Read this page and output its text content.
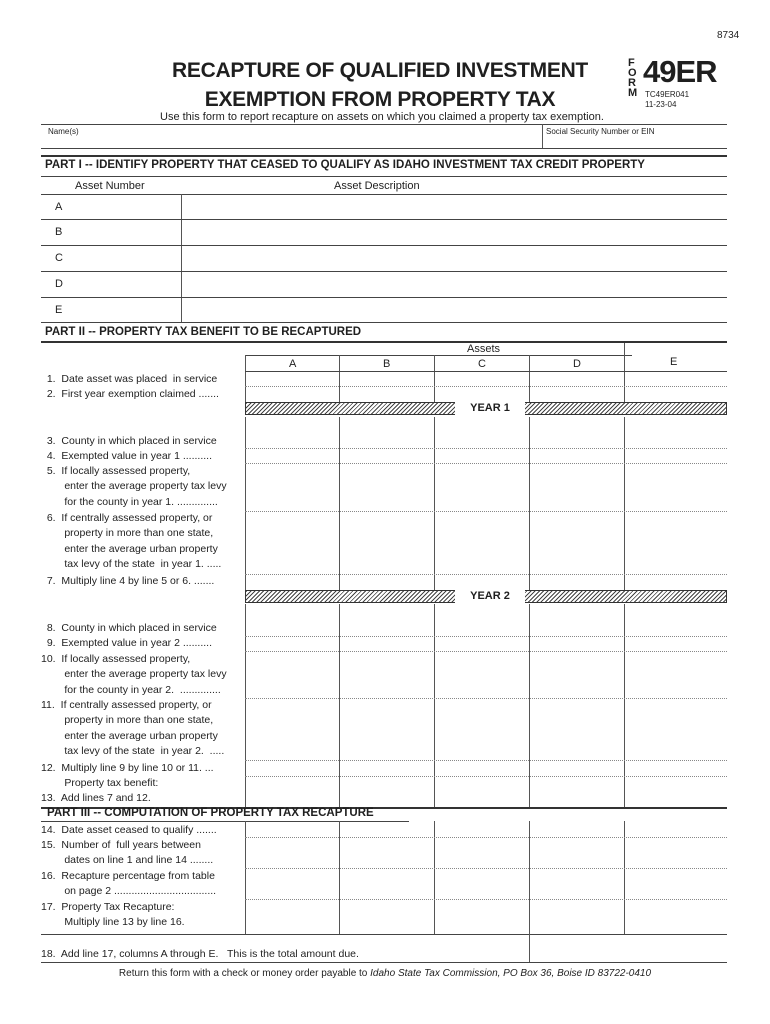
8734
RECAPTURE OF QUALIFIED INVESTMENT
EXEMPTION FROM PROPERTY TAX
F
O
R
M
49ER
TC49ER041
11-23-04
Use this form to report recapture on assets on which you claimed a property tax exemption.
Name(s)	Social Security Number or EIN
PART I -- IDENTIFY PROPERTY THAT CEASED TO QUALIFY AS IDAHO INVESTMENT TAX CREDIT PROPERTY
Asset Number	Asset Description
A
B
C
D
E
PART II -- PROPERTY TAX BENEFIT TO BE RECAPTURED
Assets
A	B	C	D	E
1.  Date asset was placed  in service
2.  First year exemption claimed .......
YEAR 1
3.  County in which placed in service
4.  Exempted value in year 1 ..........
5.  If locally assessed property,
enter the average property tax levy
for the county in year 1. ..............
6.  If centrally assessed property, or
property in more than one state,
enter the average urban property
tax levy of the state  in year 1. .....
7.  Multiply line 4 by line 5 or 6. .......
YEAR 2
8.  County in which placed in service
9.  Exempted value in year 2 ..........
10.  If locally assessed property,
enter the average property tax levy
for the county in year 2.  ..............
11.  If centrally assessed property, or
property in more than one state,
enter the average urban property
tax levy of the state  in year 2.  .....
12.  Multiply line 9 by line 10 or 11. ...
Property tax benefit:
13.  Add lines 7 and 12.
PART III -- COMPUTATION OF PROPERTY TAX RECAPTURE
14.  Date asset ceased to qualify .......
15.  Number of  full years between
dates on line 1 and line 14 ........
16.  Recapture percentage from table
on page 2 ...................................
17.  Property Tax Recapture:
Multiply line 13 by line 16.
18.  Add line 17, columns A through E.   This is the total amount due.
Return this form with a check or money order payable to Idaho State Tax Commission, PO Box 36, Boise ID 83722-0410
